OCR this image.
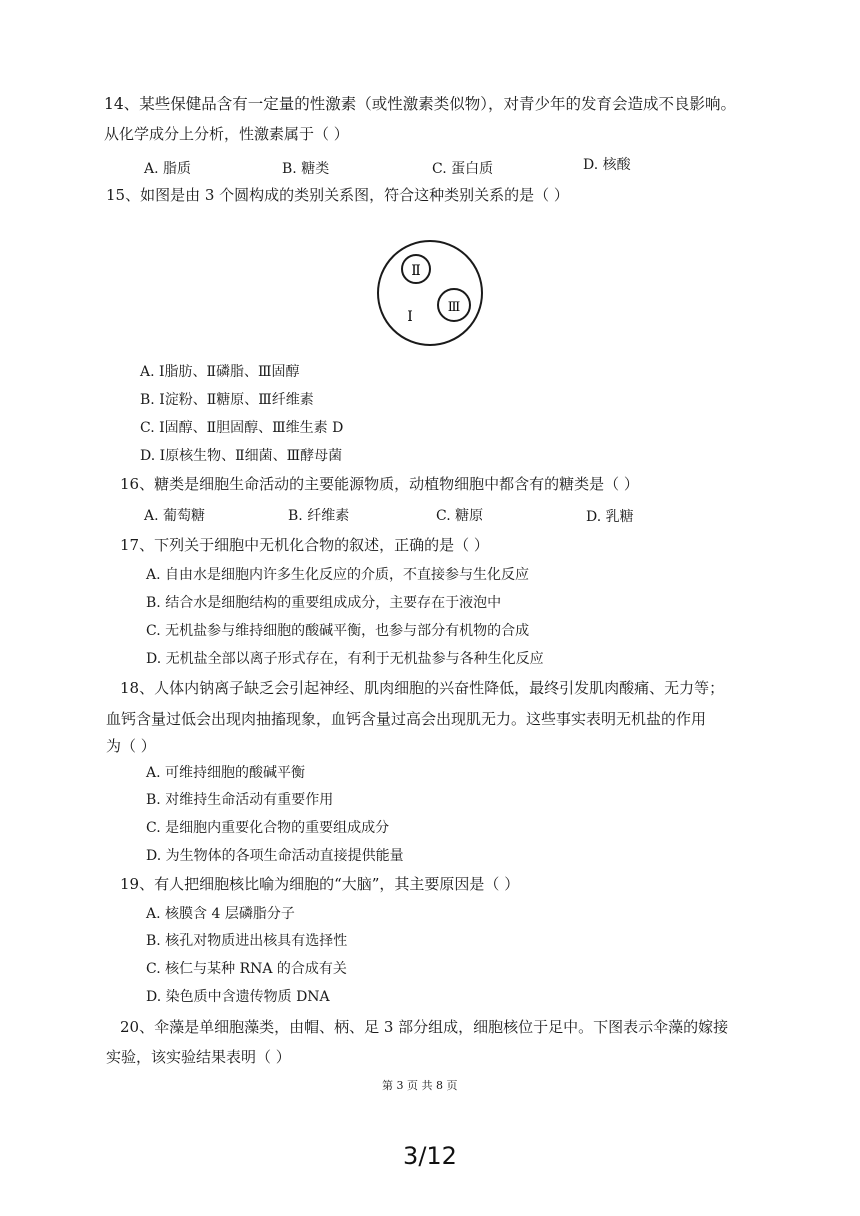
14、某些保健品含有一定量的性激素（或性激素类似物），对青少年的发育会造成不良影响。
从化学成分上分析，性激素属于（ ）
A. 脂质	B. 糖类	C. 蛋白质	D. 核酸
15、如图是由 3 个圆构成的类别关系图，符合这种类别关系的是（ ）
Ⅱ
Ⅲ
Ⅰ
A. Ⅰ脂肪、Ⅱ磷脂、Ⅲ固醇
B. Ⅰ淀粉、Ⅱ糖原、Ⅲ纤维素
C. Ⅰ固醇、Ⅱ胆固醇、Ⅲ维生素 D
D. Ⅰ原核生物、Ⅱ细菌、Ⅲ酵母菌
16、糖类是细胞生命活动的主要能源物质，动植物细胞中都含有的糖类是（ ）
A. 葡萄糖	B. 纤维素	C. 糖原	D. 乳糖
17、下列关于细胞中无机化合物的叙述，正确的是（ ）
A. 自由水是细胞内许多生化反应的介质，不直接参与生化反应
B. 结合水是细胞结构的重要组成成分，主要存在于液泡中
C. 无机盐参与维持细胞的酸碱平衡，也参与部分有机物的合成
D. 无机盐全部以离子形式存在，有利于无机盐参与各种生化反应
18、人体内钠离子缺乏会引起神经、肌肉细胞的兴奋性降低，最终引发肌肉酸痛、无力等；
血钙含量过低会出现肉抽搐现象，血钙含量过高会出现肌无力。这些事实表明无机盐的作用
为（ ）
A. 可维持细胞的酸碱平衡
B. 对维持生命活动有重要作用
C. 是细胞内重要化合物的重要组成成分
D. 为生物体的各项生命活动直接提供能量
19、有人把细胞核比喻为细胞的“大脑”，其主要原因是（ ）
A. 核膜含 4 层磷脂分子
B. 核孔对物质进出核具有选择性
C. 核仁与某种 RNA 的合成有关
D. 染色质中含遗传物质 DNA
20、伞藻是单细胞藻类，由帽、柄、足 3 部分组成，细胞核位于足中。下图表示伞藻的嫁接
实验，该实验结果表明（ ）
第 3 页 共 8 页
3/12
